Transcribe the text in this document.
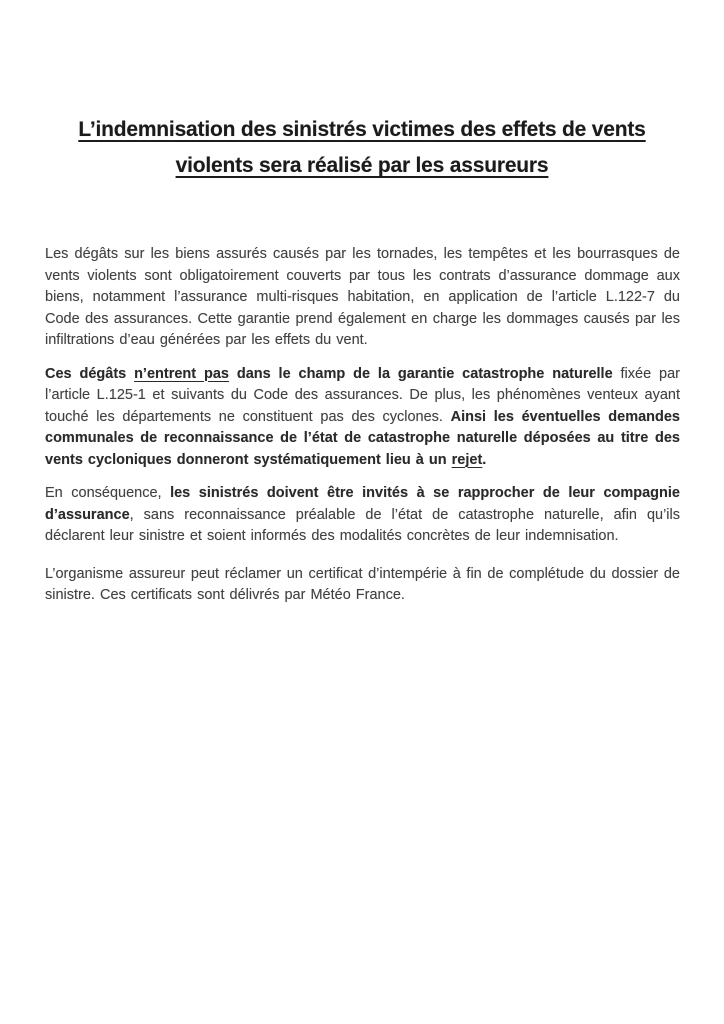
L’indemnisation des sinistrés victimes des effets de vents
violents sera réalisé par les assureurs

Les dégâts sur les biens assurés causés par les tornades, les tempêtes et les bourrasques de vents violents sont obligatoirement couverts par tous les contrats d’assurance dommage aux biens, notamment l’assurance multi-risques habitation, en application de l’article L.122-7 du Code des assurances. Cette garantie prend également en charge les dommages causés par les infiltrations d’eau générées par les effets du vent.

Ces dégâts n’entrent pas dans le champ de la garantie catastrophe naturelle fixée par l’article L.125-1 et suivants du Code des assurances. De plus, les phénomènes venteux ayant touché les départements ne constituent pas des cyclones. Ainsi les éventuelles demandes communales de reconnaissance de l’état de catastrophe naturelle déposées au titre des vents cycloniques donneront systématiquement lieu à un rejet.

En conséquence, les sinistrés doivent être invités à se rapprocher de leur compagnie d’assurance, sans reconnaissance préalable de l’état de catastrophe naturelle, afin qu’ils déclarent leur sinistre et soient informés des modalités concrètes de leur indemnisation.

L’organisme assureur peut réclamer un certificat d’intempérie à fin de complétude du dossier de sinistre. Ces certificats sont délivrés par Météo France.
